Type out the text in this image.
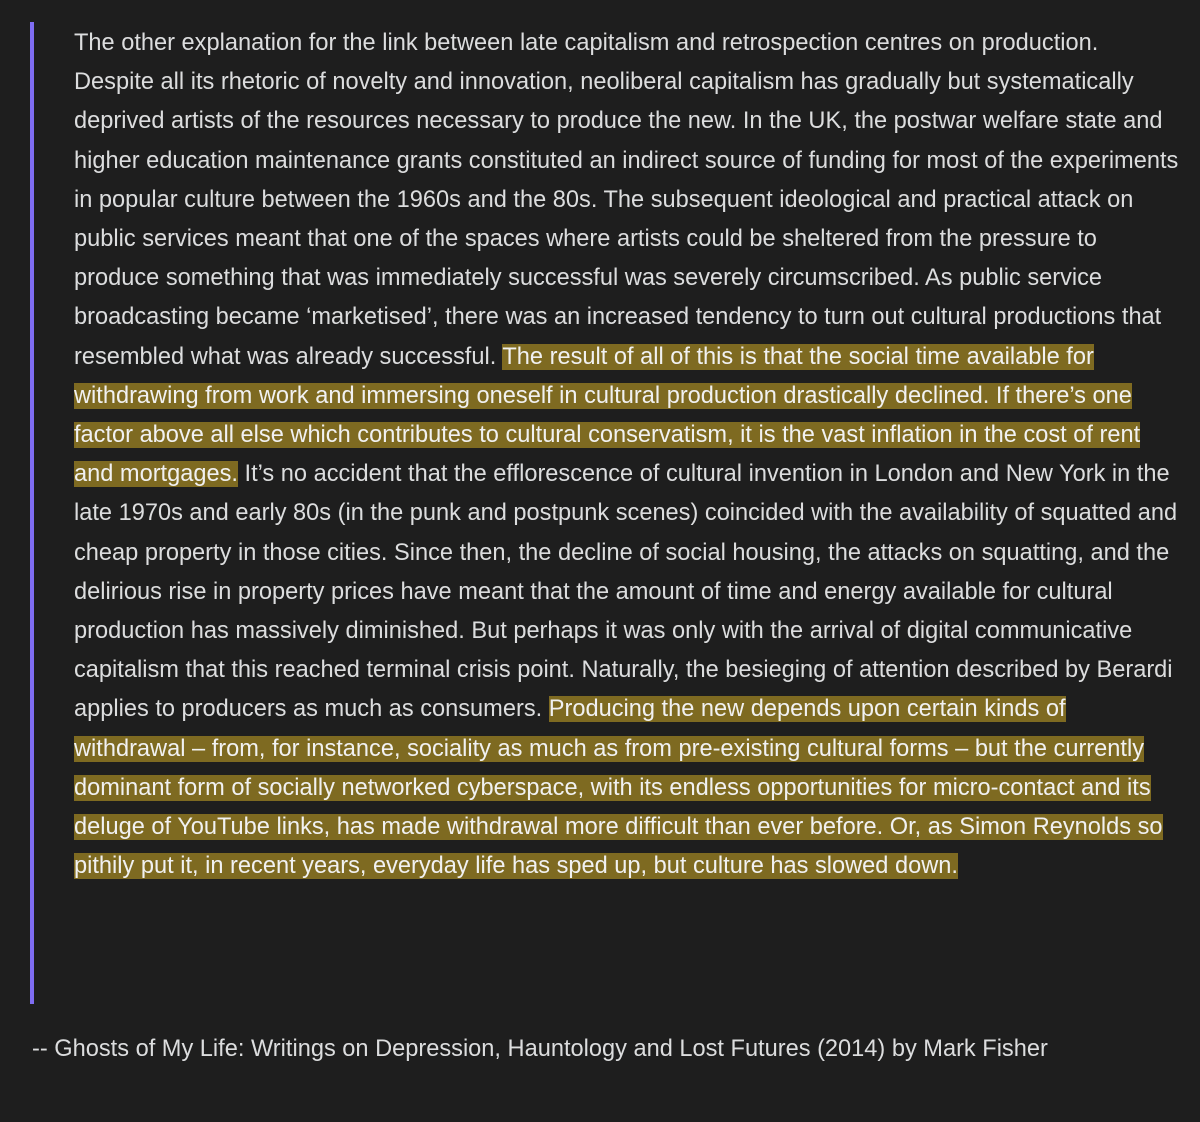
The other explanation for the link between late capitalism and retrospection centres on production. Despite all its rhetoric of novelty and innovation, neoliberal capitalism has gradually but systematically deprived artists of the resources necessary to produce the new. In the UK, the postwar welfare state and higher education maintenance grants constituted an indirect source of funding for most of the experiments in popular culture between the 1960s and the 80s. The subsequent ideological and practical attack on public services meant that one of the spaces where artists could be sheltered from the pressure to produce something that was immediately successful was severely circumscribed. As public service broadcasting became ‘marketised’, there was an increased tendency to turn out cultural productions that resembled what was already successful. The result of all of this is that the social time available for withdrawing from work and immersing oneself in cultural production drastically declined. If there’s one factor above all else which contributes to cultural conservatism, it is the vast inflation in the cost of rent and mortgages. It’s no accident that the efflorescence of cultural invention in London and New York in the late 1970s and early 80s (in the punk and postpunk scenes) coincided with the availability of squatted and cheap property in those cities. Since then, the decline of social housing, the attacks on squatting, and the delirious rise in property prices have meant that the amount of time and energy available for cultural production has massively diminished. But perhaps it was only with the arrival of digital communicative capitalism that this reached terminal crisis point. Naturally, the besieging of attention described by Berardi applies to producers as much as consumers. Producing the new depends upon certain kinds of withdrawal – from, for instance, sociality as much as from pre-existing cultural forms – but the currently dominant form of socially networked cyberspace, with its endless opportunities for micro-contact and its deluge of YouTube links, has made withdrawal more difficult than ever before. Or, as Simon Reynolds so pithily put it, in recent years, everyday life has sped up, but culture has slowed down.

-- Ghosts of My Life: Writings on Depression, Hauntology and Lost Futures (2014) by Mark Fisher
